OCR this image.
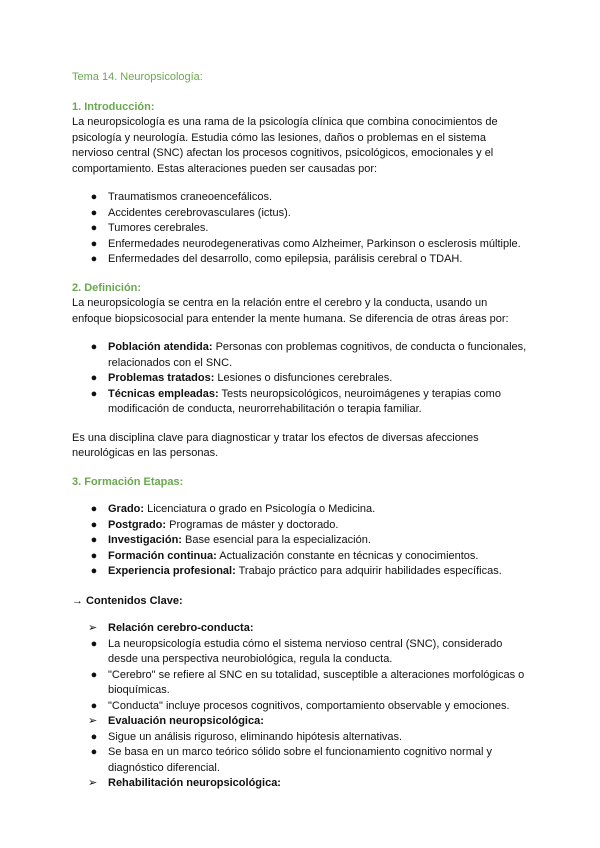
Tema 14. Neuropsicología:
1. Introducción:

La neuropsicología es una rama de la psicología clínica que combina conocimientos de psicología y neurología. Estudia cómo las lesiones, daños o problemas en el sistema nervioso central (SNC) afectan los procesos cognitivos, psicológicos, emocionales y el comportamiento. Estas alteraciones pueden ser causadas por:

● Traumatismos craneoencefálicos.
● Accidentes cerebrovasculares (ictus).
● Tumores cerebrales.
● Enfermedades neurodegenerativas como Alzheimer, Parkinson o esclerosis múltiple.
● Enfermedades del desarrollo, como epilepsia, parálisis cerebral o TDAH.
2. Definición:

La neuropsicología se centra en la relación entre el cerebro y la conducta, usando un enfoque biopsicosocial para entender la mente humana. Se diferencia de otras áreas por:

● Población atendida: Personas con problemas cognitivos, de conducta o funcionales, relacionados con el SNC.
● Problemas tratados: Lesiones o disfunciones cerebrales.
● Técnicas empleadas: Tests neuropsicológicos, neuroimágenes y terapias como modificación de conducta, neurorrehabilitación o terapia familiar.

Es una disciplina clave para diagnosticar y tratar los efectos de diversas afecciones neurológicas en las personas.

3. Formación Etapas:
● Grado: Licenciatura o grado en Psicología o Medicina.
● Postgrado: Programas de máster y doctorado.
● Investigación: Base esencial para la especialización.
● Formación continua: Actualización constante en técnicas y conocimientos.
● Experiencia profesional: Trabajo práctico para adquirir habilidades específicas.
→ Contenidos Clave:
➢ Relación cerebro-conducta:
● La neuropsicología estudia cómo el sistema nervioso central (SNC), considerado desde una perspectiva neurobiológica, regula la conducta.
● "Cerebro" se refiere al SNC en su totalidad, susceptible a alteraciones morfológicas o bioquímicas.
● "Conducta" incluye procesos cognitivos, comportamiento observable y emociones.
➢ Evaluación neuropsicológica:
● Sigue un análisis riguroso, eliminando hipótesis alternativas.
● Se basa en un marco teórico sólido sobre el funcionamiento cognitivo normal y diagnóstico diferencial.
➢ Rehabilitación neuropsicológica:
